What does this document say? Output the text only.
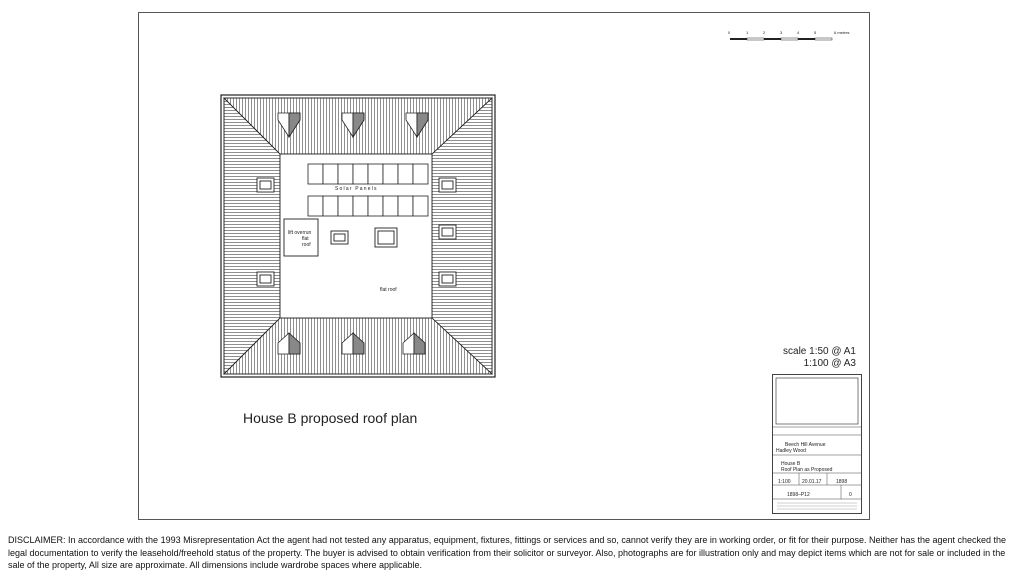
0	1	2	3	4	5	6 metres
Solar Panels
lift overrun
flat
roof
flat roof
House B proposed roof plan
scale 1:50 @ A1
1:100 @ A3
Beech Hill Avenue
Hadley Wood
House B
Roof Plan as Proposed
1:100 20.01.17	1898
1898–P12	0
DISCLAIMER: In accordance with the 1993 Misrepresentation Act the agent had not tested any apparatus, equipment, fixtures, fittings or services and so, cannot verify they are in working order, or fit for their purpose. Neither has the agent checked the legal documentation to verify the leasehold/freehold status of the property. The buyer is advised to obtain verification from their solicitor or surveyor. Also, photographs are for illustration only and may depict items which are not for sale or included in the sale of the property, All size are approximate. All dimensions include wardrobe spaces where applicable.
